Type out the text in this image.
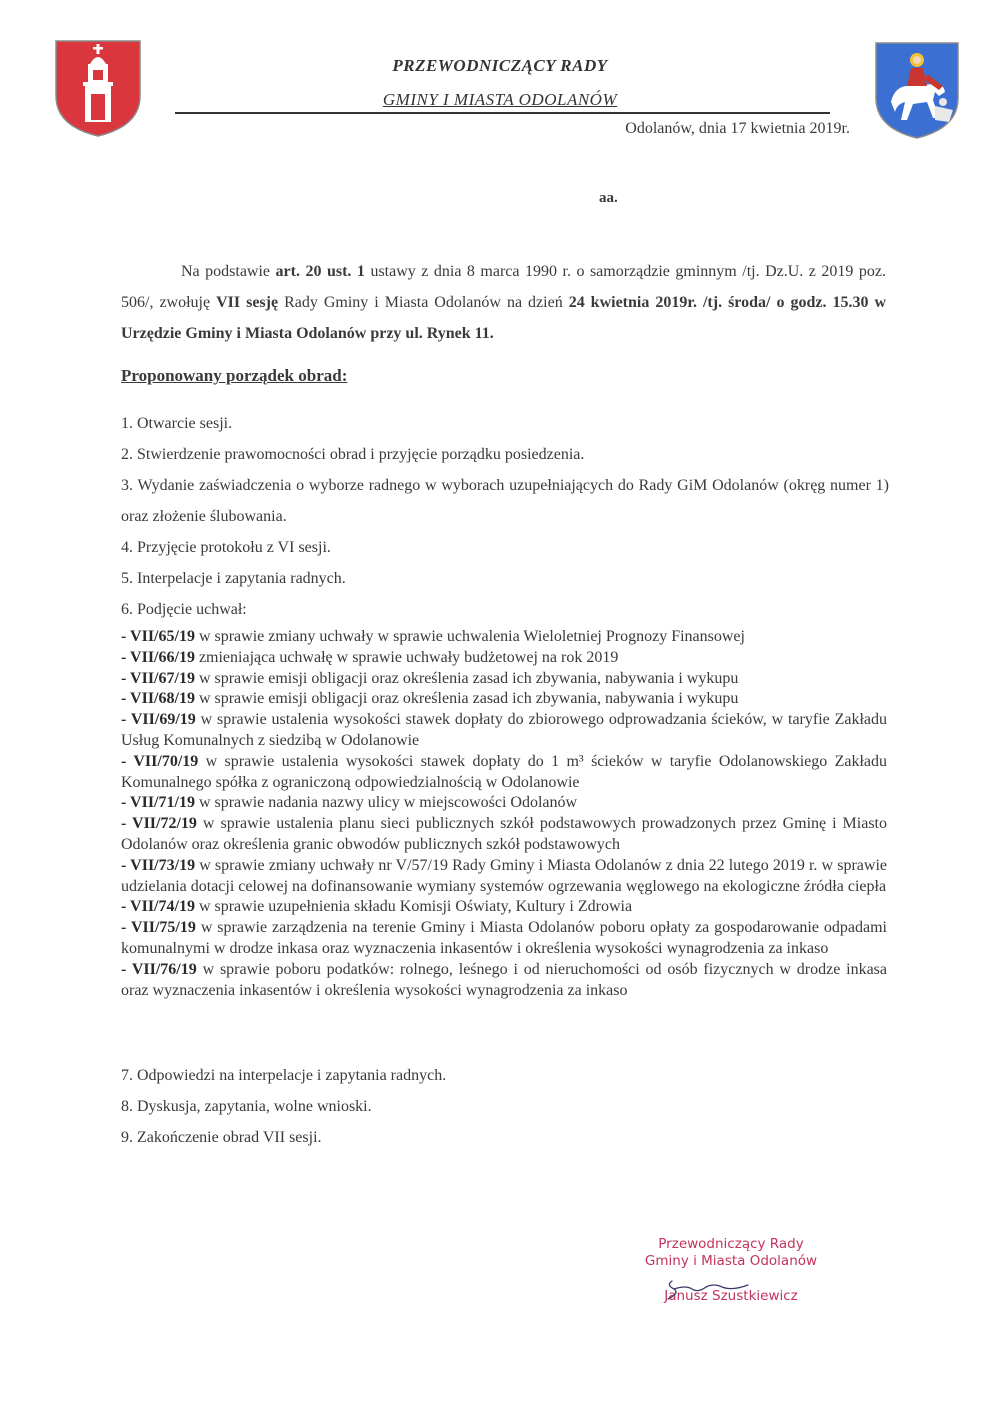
PRZEWODNICZĄCY RADY
GMINY I MIASTA ODOLANÓW
Odolanów, dnia 17 kwietnia 2019r.
aa.
Na podstawie art. 20 ust. 1 ustawy z dnia 8 marca 1990 r. o samorządzie gminnym /tj. Dz.U. z 2019 poz. 506/, zwołuję VII sesję Rady Gminy i Miasta Odolanów na dzień 24 kwietnia 2019r. /tj. środa/ o godz. 15.30 w Urzędzie Gminy i Miasta Odolanów przy ul. Rynek 11.
Proponowany porządek obrad:
1. Otwarcie sesji.
2. Stwierdzenie prawomocności obrad i przyjęcie porządku posiedzenia.
3. Wydanie zaświadczenia o wyborze radnego w wyborach uzupełniających do Rady GiM Odolanów (okręg numer 1) oraz złożenie ślubowania.
4. Przyjęcie protokołu z VI sesji.
5. Interpelacje i zapytania radnych.
6. Podjęcie uchwał:
- VII/65/19 w sprawie zmiany uchwały w sprawie uchwalenia Wieloletniej Prognozy Finansowej
- VII/66/19 zmieniająca uchwałę w sprawie uchwały budżetowej na rok 2019
- VII/67/19 w sprawie emisji obligacji oraz określenia zasad ich zbywania, nabywania i wykupu
- VII/68/19 w sprawie emisji obligacji oraz określenia zasad ich zbywania, nabywania i wykupu
- VII/69/19 w sprawie ustalenia wysokości stawek dopłaty do zbiorowego odprowadzania ścieków, w taryfie Zakładu Usług Komunalnych z siedzibą w Odolanowie
- VII/70/19 w sprawie ustalenia wysokości stawek dopłaty do 1 m³ ścieków w taryfie Odolanowskiego Zakładu Komunalnego spółka z ograniczoną odpowiedzialnością w Odolanowie
- VII/71/19 w sprawie nadania nazwy ulicy w miejscowości Odolanów
- VII/72/19 w sprawie ustalenia planu sieci publicznych szkół podstawowych prowadzonych przez Gminę i Miasto Odolanów oraz określenia granic obwodów publicznych szkół podstawowych
- VII/73/19 w sprawie zmiany uchwały nr V/57/19 Rady Gminy i Miasta Odolanów z dnia 22 lutego 2019 r. w sprawie udzielania dotacji celowej na dofinansowanie wymiany systemów ogrzewania węglowego na ekologiczne źródła ciepła
- VII/74/19 w sprawie uzupełnienia składu Komisji Oświaty, Kultury i Zdrowia
- VII/75/19 w sprawie zarządzenia na terenie Gminy i Miasta Odolanów poboru opłaty za gospodarowanie odpadami komunalnymi w drodze inkasa oraz wyznaczenia inkasentów i określenia wysokości wynagrodzenia za inkaso
- VII/76/19 w sprawie poboru podatków: rolnego, leśnego i od nieruchomości od osób fizycznych w drodze inkasa oraz wyznaczenia inkasentów i określenia wysokości wynagrodzenia za inkaso
7. Odpowiedzi na interpelacje i zapytania radnych.
8. Dyskusja, zapytania, wolne wnioski.
9. Zakończenie obrad VII sesji.
Przewodniczący Rady
Gminy i Miasta Odolanów
Janusz Szustkiewicz
